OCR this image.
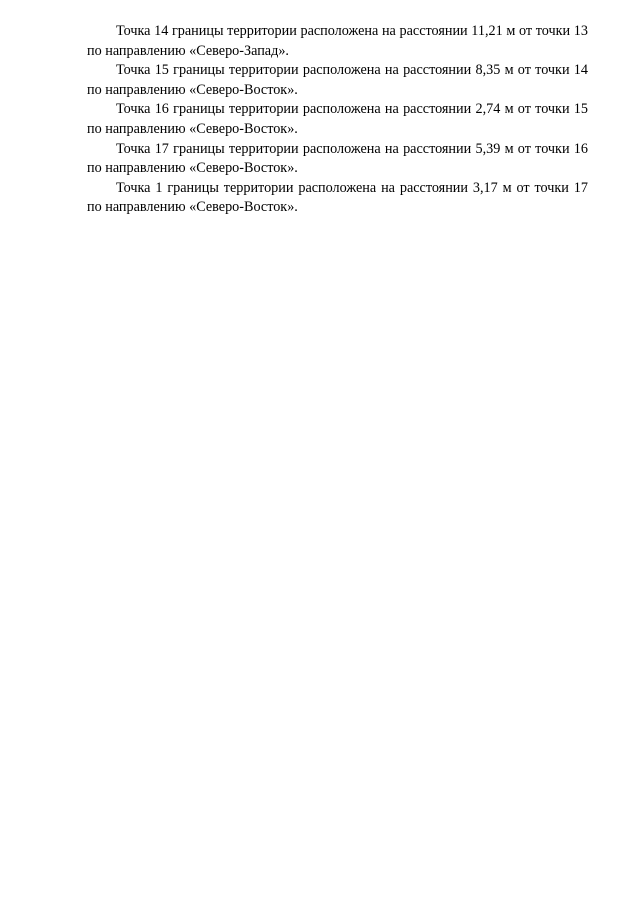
Точка 14 границы территории расположена на расстоянии 11,21 м от точки 13 по направлению «Северо-Запад».

Точка 15 границы территории расположена на расстоянии 8,35 м от точки 14 по направлению «Северо-Восток».

Точка 16 границы территории расположена на расстоянии 2,74 м от точки 15 по направлению «Северо-Восток».

Точка 17 границы территории расположена на расстоянии 5,39 м от точки 16 по направлению «Северо-Восток».

Точка 1 границы территории расположена на расстоянии 3,17 м от точки 17 по направлению «Северо-Восток».
